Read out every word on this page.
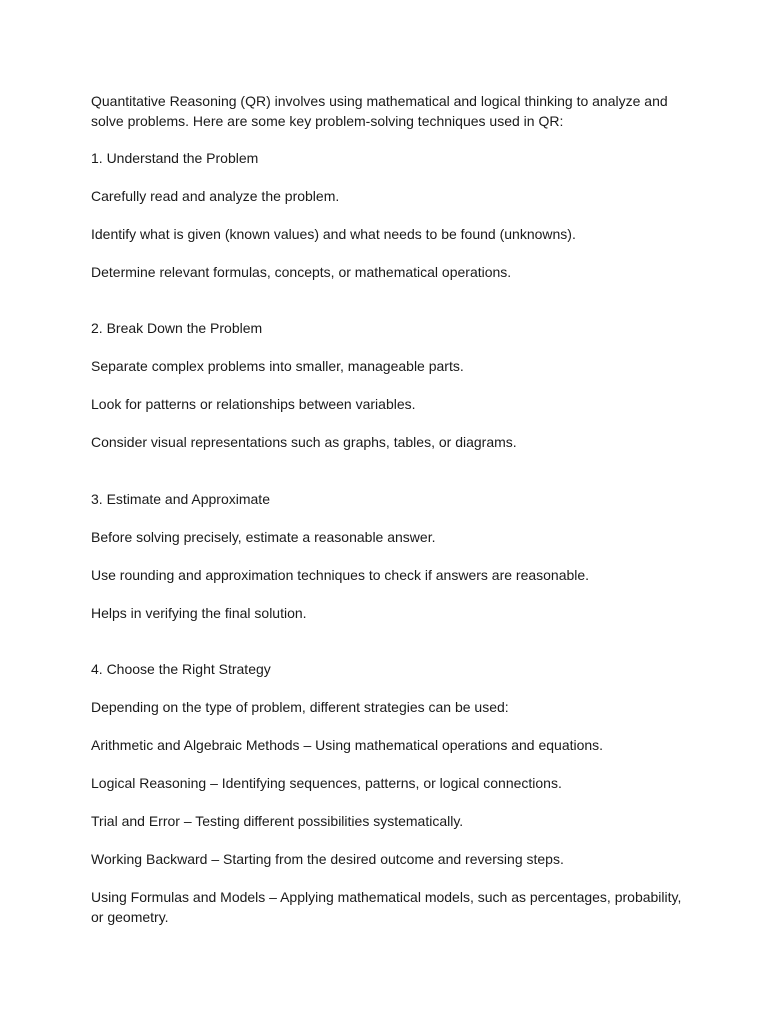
Quantitative Reasoning (QR) involves using mathematical and logical thinking to analyze and solve problems. Here are some key problem-solving techniques used in QR:

1. Understand the Problem

Carefully read and analyze the problem.

Identify what is given (known values) and what needs to be found (unknowns).

Determine relevant formulas, concepts, or mathematical operations.

2. Break Down the Problem

Separate complex problems into smaller, manageable parts.

Look for patterns or relationships between variables.

Consider visual representations such as graphs, tables, or diagrams.

3. Estimate and Approximate

Before solving precisely, estimate a reasonable answer.

Use rounding and approximation techniques to check if answers are reasonable.

Helps in verifying the final solution.

4. Choose the Right Strategy

Depending on the type of problem, different strategies can be used:

Arithmetic and Algebraic Methods – Using mathematical operations and equations.

Logical Reasoning – Identifying sequences, patterns, or logical connections.

Trial and Error – Testing different possibilities systematically.

Working Backward – Starting from the desired outcome and reversing steps.

Using Formulas and Models – Applying mathematical models, such as percentages, probability, or geometry.
